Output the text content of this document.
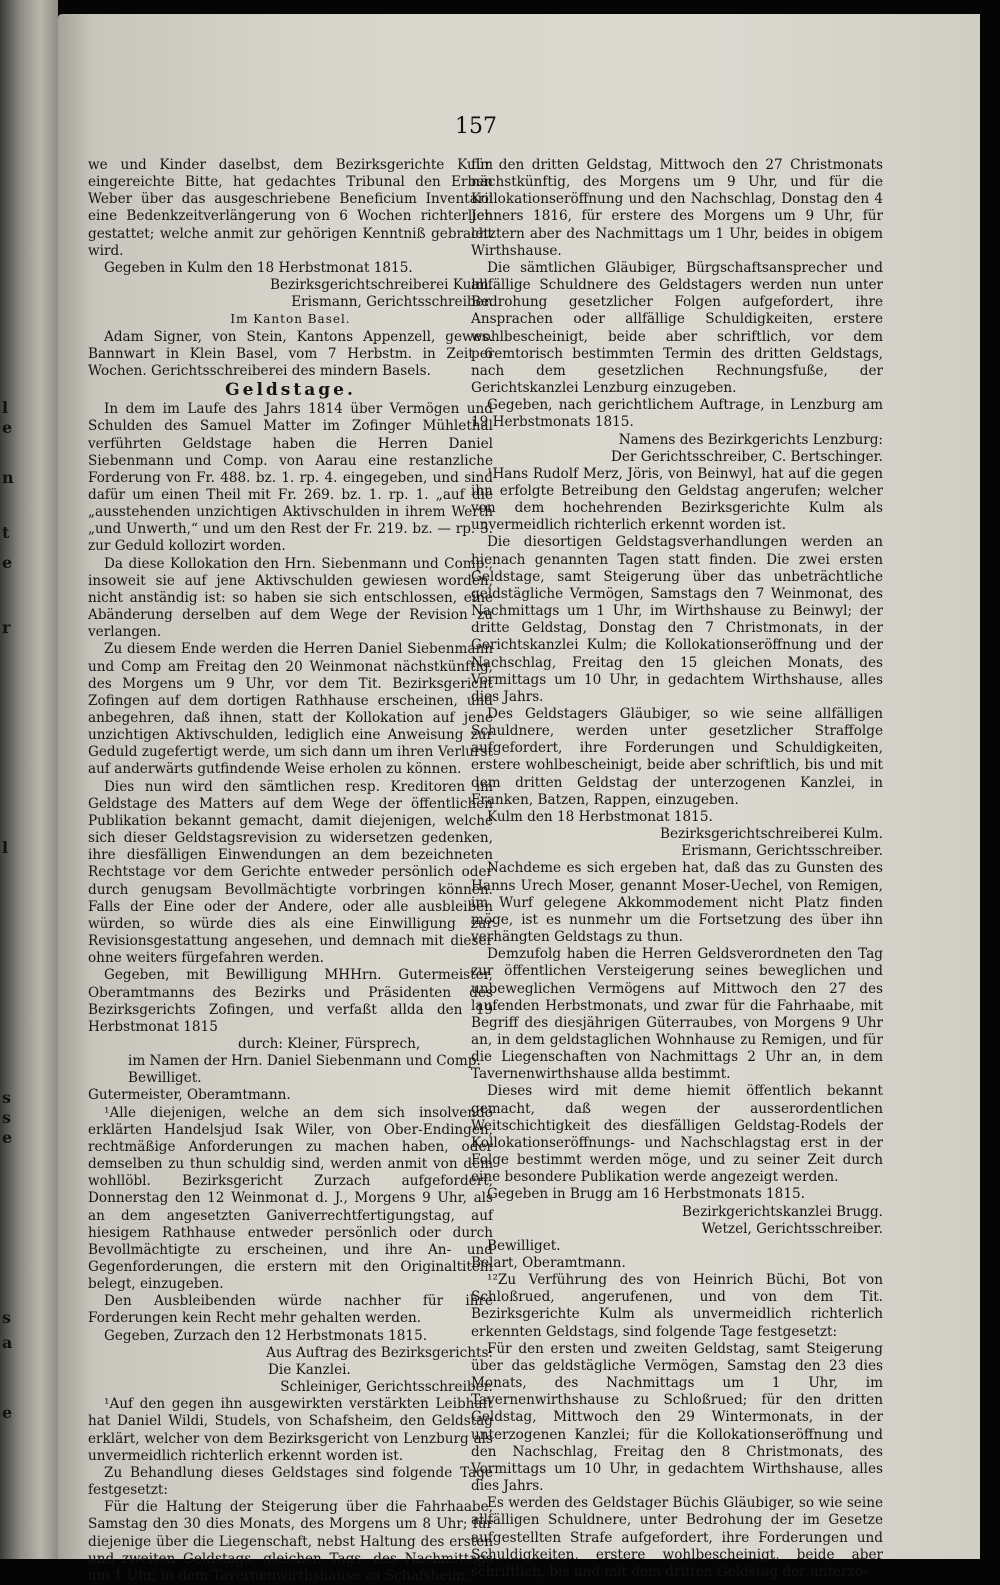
l
e
n
t
e
r
l
s
s
e
s
a
e
157

we und Kinder daselbst, dem Bezirksgerichte Kulm eingereichte Bitte, hat gedachtes Tribunal den Erben Weber über das ausgeschriebene Beneficium Inventarii eine Bedenkzeitverlängerung von 6 Wochen richterlich gestattet; welche anmit zur gehörigen Kenntniß gebracht wird.

Gegeben in Kulm den 18 Herbstmonat 1815.

Bezirksgerichtschreiberei Kulm.

Erismann, Gerichtsschreiber.

Im Kanton Basel.

Adam Signer, von Stein, Kantons Appenzell, gewes. Bannwart in Klein Basel, vom 7 Herbstm. in Zeit 6 Wochen. Gerichtsschreiberei des mindern Basels.

Geldstage.

In dem im Laufe des Jahrs 1814 über Vermögen und Schulden des Samuel Matter im Zofinger Mühlethal verführten Geldstage haben die Herren Daniel Siebenmann und Comp. von Aarau eine restanzliche Forderung von Fr. 488. bz. 1. rp. 4. eingegeben, und sind dafür um einen Theil mit Fr. 269. bz. 1. rp. 1. „auf die „ausstehenden unzichtigen Aktivschulden in ihrem Werth „und Unwerth,“ und um den Rest der Fr. 219. bz. — rp. 3. zur Geduld kollozirt worden.

Da diese Kollokation den Hrn. Siebenmann und Comp., insoweit sie auf jene Aktivschulden gewiesen worden, nicht anständig ist: so haben sie sich entschlossen, eine Abänderung derselben auf dem Wege der Revision zu verlangen.

Zu diesem Ende werden die Herren Daniel Siebenmann und Comp am Freitag den 20 Weinmonat nächstkünftig, des Morgens um 9 Uhr, vor dem Tit. Bezirksgericht Zofingen auf dem dortigen Rathhause erscheinen, und anbegehren, daß ihnen, statt der Kollokation auf jene unzichtigen Aktivschulden, lediglich eine Anweisung zur Geduld zugefertigt werde, um sich dann um ihren Verlurst auf anderwärts gutfindende Weise erholen zu können.

Dies nun wird den sämtlichen resp. Kreditoren im Geldstage des Matters auf dem Wege der öffentlichen Publikation bekannt gemacht, damit diejenigen, welche sich dieser Geldstagsrevision zu widersetzen gedenken, ihre diesfälligen Einwendungen an dem bezeichneten Rechtstage vor dem Gerichte entweder persönlich oder durch genugsam Bevollmächtigte vorbringen können. Falls der Eine oder der Andere, oder alle ausbleiben würden, so würde dies als eine Einwilligung zur Revisionsgestattung angesehen, und demnach mit dieser ohne weiters fürgefahren werden.

Gegeben, mit Bewilligung MHHrn. Gutermeister, Oberamtmanns des Bezirks und Präsidenten des Bezirksgerichts Zofingen, und verfaßt allda den 19 Herbstmonat 1815

durch: Kleiner, Fürsprech,

im Namen der Hrn. Daniel Siebenmann und Comp.

Bewilliget.

Gutermeister, Oberamtmann.

¹Alle diejenigen, welche an dem sich insolvendo erklärten Handelsjud Isak Wiler, von Ober-Endingen, rechtmäßige Anforderungen zu machen haben, oder demselben zu thun schuldig sind, werden anmit von dem wohllöbl. Bezirksgericht Zurzach aufgefordert, Donnerstag den 12 Weinmonat d. J., Morgens 9 Uhr, als an dem angesetzten Ganiverrechtfertigungstag, auf hiesigem Rathhause entweder persönlich oder durch Bevollmächtigte zu erscheinen, und ihre An- und Gegenforderungen, die erstern mit den Originaltiteln belegt, einzugeben.

Den Ausbleibenden würde nachher für ihre Forderungen kein Recht mehr gehalten werden.

Gegeben, Zurzach den 12 Herbstmonats 1815.

Aus Auftrag des Bezirksgerichts:

Die Kanzlei.

Schleiniger, Gerichtsschreiber.

¹Auf den gegen ihn ausgewirkten verstärkten Leibhaft hat Daniel Wildi, Studels, von Schafsheim, den Geldstag erklärt, welcher von dem Bezirksgericht von Lenzburg als unvermeidlich richterlich erkennt worden ist.

Zu Behandlung dieses Geldstages sind folgende Tage festgesetzt:

Für die Haltung der Steigerung über die Fahrhaabe, Samstag den 30 dies Monats, des Morgens um 8 Uhr; für diejenige über die Liegenschaft, nebst Haltung des ersten und zweiten Geldstags, gleichen Tags, des Nachmittags um 1 Uhr, in dem Tavernenwirthshause zu Schafsheim;

für den dritten Geldstag, Mittwoch den 27 Christmonats nächstkünftig, des Morgens um 9 Uhr, und für die Kollokationseröffnung und den Nachschlag, Donstag den 4 Jenners 1816, für erstere des Morgens um 9 Uhr, für letztern aber des Nachmittags um 1 Uhr, beides in obigem Wirthshause.

Die sämtlichen Gläubiger, Bürgschaftsansprecher und allfällige Schuldnere des Geldstagers werden nun unter Bedrohung gesetzlicher Folgen aufgefordert, ihre Ansprachen oder allfällige Schuldigkeiten, erstere wohlbescheinigt, beide aber schriftlich, vor dem peremtorisch bestimmten Termin des dritten Geldstags, nach dem gesetzlichen Rechnungsfuße, der Gerichtskanzlei Lenzburg einzugeben.

Gegeben, nach gerichtlichem Auftrage, in Lenzburg am 19 Herbstmonats 1815.

Namens des Bezirkgerichts Lenzburg:

Der Gerichtsschreiber, C. Bertschinger.

¹Hans Rudolf Merz, Jöris, von Beinwyl, hat auf die gegen ihn erfolgte Betreibung den Geldstag angerufen; welcher von dem hochehrenden Bezirksgerichte Kulm als unvermeidlich richterlich erkennt worden ist.

Die diesortigen Geldstagsverhandlungen werden an hienach genannten Tagen statt finden. Die zwei ersten Geldstage, samt Steigerung über das unbeträchtliche geldstägliche Vermögen, Samstags den 7 Weinmonat, des Nachmittags um 1 Uhr, im Wirthshause zu Beinwyl; der dritte Geldstag, Donstag den 7 Christmonats, in der Gerichtskanzlei Kulm; die Kollokationseröffnung und der Nachschlag, Freitag den 15 gleichen Monats, des Vormittags um 10 Uhr, in gedachtem Wirthshause, alles dies Jahrs.

Des Geldstagers Gläubiger, so wie seine allfälligen Schuldnere, werden unter gesetzlicher Straffolge aufgefordert, ihre Forderungen und Schuldigkeiten, erstere wohlbescheinigt, beide aber schriftlich, bis und mit dem dritten Geldstag der unterzogenen Kanzlei, in Franken, Batzen, Rappen, einzugeben.

Kulm den 18 Herbstmonat 1815.

Bezirksgerichtschreiberei Kulm.

Erismann, Gerichtsschreiber.

Nachdeme es sich ergeben hat, daß das zu Gunsten des Hanns Urech Moser, genannt Moser-Uechel, von Remigen, im Wurf gelegene Akkommodement nicht Platz finden möge, ist es nunmehr um die Fortsetzung des über ihn verhängten Geldstags zu thun.

Demzufolg haben die Herren Geldsverordneten den Tag zur öffentlichen Versteigerung seines beweglichen und unbeweglichen Vermögens auf Mittwoch den 27 des laufenden Herbstmonats, und zwar für die Fahrhaabe, mit Begriff des diesjährigen Güterraubes, von Morgens 9 Uhr an, in dem geldstaglichen Wohnhause zu Remigen, und für die Liegenschaften von Nachmittags 2 Uhr an, in dem Tavernenwirthshause allda bestimmt.

Dieses wird mit deme hiemit öffentlich bekannt gemacht, daß wegen der ausserordentlichen Weitschichtigkeit des diesfälligen Geldstag-Rodels der Kollokationseröffnungs- und Nachschlagstag erst in der Folge bestimmt werden möge, und zu seiner Zeit durch eine besondere Publikation werde angezeigt werden.

Gegeben in Brugg am 16 Herbstmonats 1815.

Bezirkgerichtskanzlei Brugg.

Wetzel, Gerichtsschreiber.

Bewilliget.

Belart, Oberamtmann.

¹²Zu Verführung des von Heinrich Büchi, Bot von Schloßrued, angerufenen, und von dem Tit. Bezirksgerichte Kulm als unvermeidlich richterlich erkennten Geldstags, sind folgende Tage festgesetzt:

Für den ersten und zweiten Geldstag, samt Steigerung über das geldstägliche Vermögen, Samstag den 23 dies Monats, des Nachmittags um 1 Uhr, im Tavernenwirthshause zu Schloßrued; für den dritten Geldstag, Mittwoch den 29 Wintermonats, in der unterzogenen Kanzlei; für die Kollokationseröffnung und den Nachschlag, Freitag den 8 Christmonats, des Vormittags um 10 Uhr, in gedachtem Wirthshause, alles dies Jahrs.

Es werden des Geldstager Büchis Gläubiger, so wie seine allfälligen Schuldnere, unter Bedrohung der im Gesetze aufgestellten Strafe aufgefordert, ihre Forderungen und Schuldigkeiten, erstere wohlbescheinigt, beide aber schriftlich, bis und mit dem dritten Geldstag der unterzo-
